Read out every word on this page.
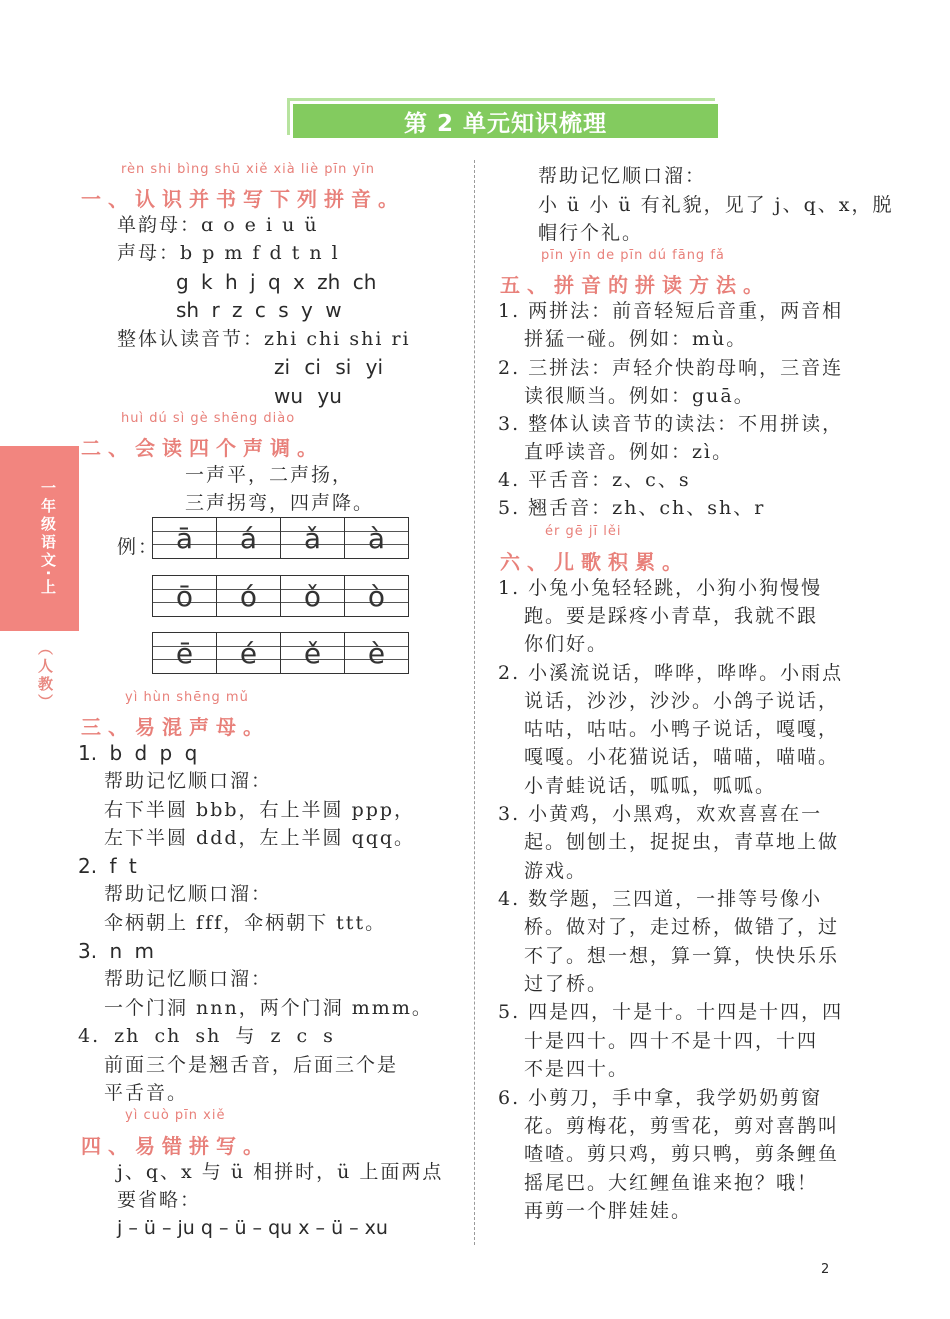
第 2 单元知识梳理
一年级语文·上
（人教）
rèn shi bìng shū xiě xià liè pīn yīn
一、认识并书写下列拼音。
单韵母：ɑ o e i u ü
声母：b p m f d t n l
g k h j q x zh ch
sh r z c s y w
整体认读音节：zhi chi shi ri
zi ci si yi
wu yu
huì dú sì gè shēng diào
二、会读四个声调。
一声平，二声扬，
三声拐弯，四声降。
例： ā á ǎ à
ō ó ǒ ò
ē é ě è
yì hùn shēng mǔ
三、易混声母。
1. b d p q
帮助记忆顺口溜：
右下半圆 bbb，右上半圆 ppp，
左下半圆 ddd，左上半圆 qqq。
2. f t
帮助记忆顺口溜：
伞柄朝上 fff，伞柄朝下 ttt。
3. n m
帮助记忆顺口溜：
一个门洞 nnn，两个门洞 mmm。
4. zh ch sh 与 z c s
前面三个是翘舌音，后面三个是
平舌音。
yì cuò pīn xiě
四、易错拼写。
j、q、x 与 ü 相拼时，ü 上面两点
要省略：
j – ü – ju q – ü – qu x – ü – xu
帮助记忆顺口溜：
小 ü 小 ü 有礼貌，见了 j、q、x，脱
帽行个礼。
pīn yīn de pīn dú fāng fǎ
五、拼音的拼读方法。
1. 两拼法：前音轻短后音重，两音相
拼猛一碰。例如：mù。
2. 三拼法：声轻介快韵母响，三音连
读很顺当。例如：guā。
3. 整体认读音节的读法：不用拼读，
直呼读音。例如：zì。
4. 平舌音：z、c、s
5. 翘舌音：zh、ch、sh、r
ér gē jī lěi
六、儿歌积累。
1. 小兔小兔轻轻跳，小狗小狗慢慢
跑。要是踩疼小青草，我就不跟
你们好。
2. 小溪流说话，哗哗，哗哗。小雨点
说话，沙沙，沙沙。小鸽子说话，
咕咕，咕咕。小鸭子说话，嘎嘎，
嘎嘎。小花猫说话，喵喵，喵喵。
小青蛙说话，呱呱，呱呱。
3. 小黄鸡，小黑鸡，欢欢喜喜在一
起。刨刨土，捉捉虫，青草地上做
游戏。
4. 数学题，三四道，一排等号像小
桥。做对了，走过桥，做错了，过
不了。想一想，算一算，快快乐乐
过了桥。
5. 四是四，十是十。十四是十四，四
十是四十。四十不是十四，十四
不是四十。
6. 小剪刀，手中拿，我学奶奶剪窗
花。剪梅花，剪雪花，剪对喜鹊叫
喳喳。剪只鸡，剪只鸭，剪条鲤鱼
摇尾巴。大红鲤鱼谁来抱？哦！
再剪一个胖娃娃。
2
